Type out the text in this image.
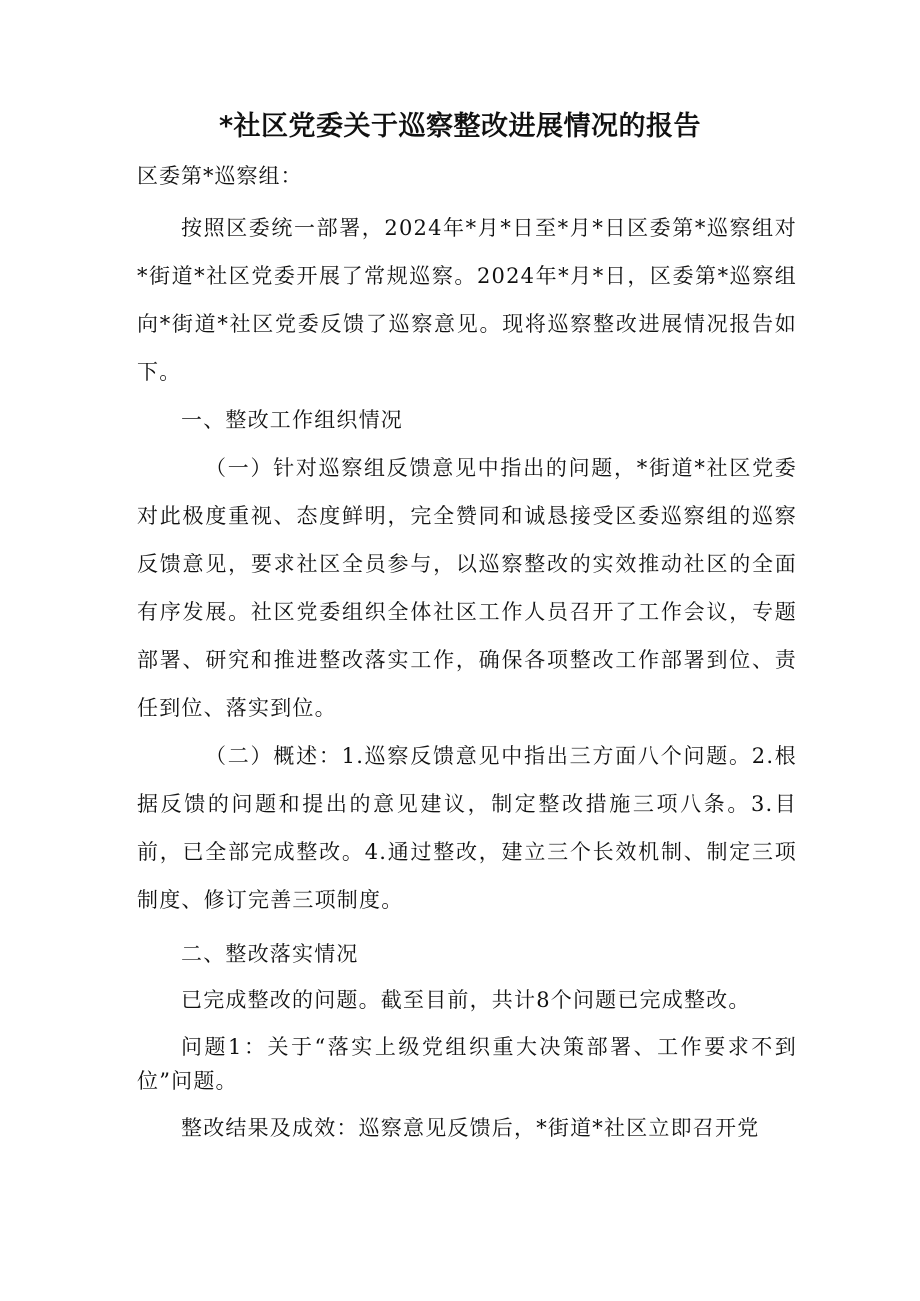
*社区党委关于巡察整改进展情况的报告
区委第*巡察组：
按照区委统一部署，2024年*月*日至*月*日区委第*巡察组对*街道*社区党委开展了常规巡察。2024年*月*日，区委第*巡察组向*街道*社区党委反馈了巡察意见。现将巡察整改进展情况报告如下。
一、整改工作组织情况
（一）针对巡察组反馈意见中指出的问题，*街道*社区党委对此极度重视、态度鲜明，完全赞同和诚恳接受区委巡察组的巡察反馈意见，要求社区全员参与，以巡察整改的实效推动社区的全面有序发展。社区党委组织全体社区工作人员召开了工作会议，专题部署、研究和推进整改落实工作，确保各项整改工作部署到位、责任到位、落实到位。
（二）概述：1.巡察反馈意见中指出三方面八个问题。2.根据反馈的问题和提出的意见建议，制定整改措施三项八条。3.目前，已全部完成整改。4.通过整改，建立三个长效机制、制定三项制度、修订完善三项制度。
二、整改落实情况
已完成整改的问题。截至目前，共计8个问题已完成整改。
问题1：关于“落实上级党组织重大决策部署、工作要求不到位”问题。
整改结果及成效：巡察意见反馈后，*街道*社区立即召开党
